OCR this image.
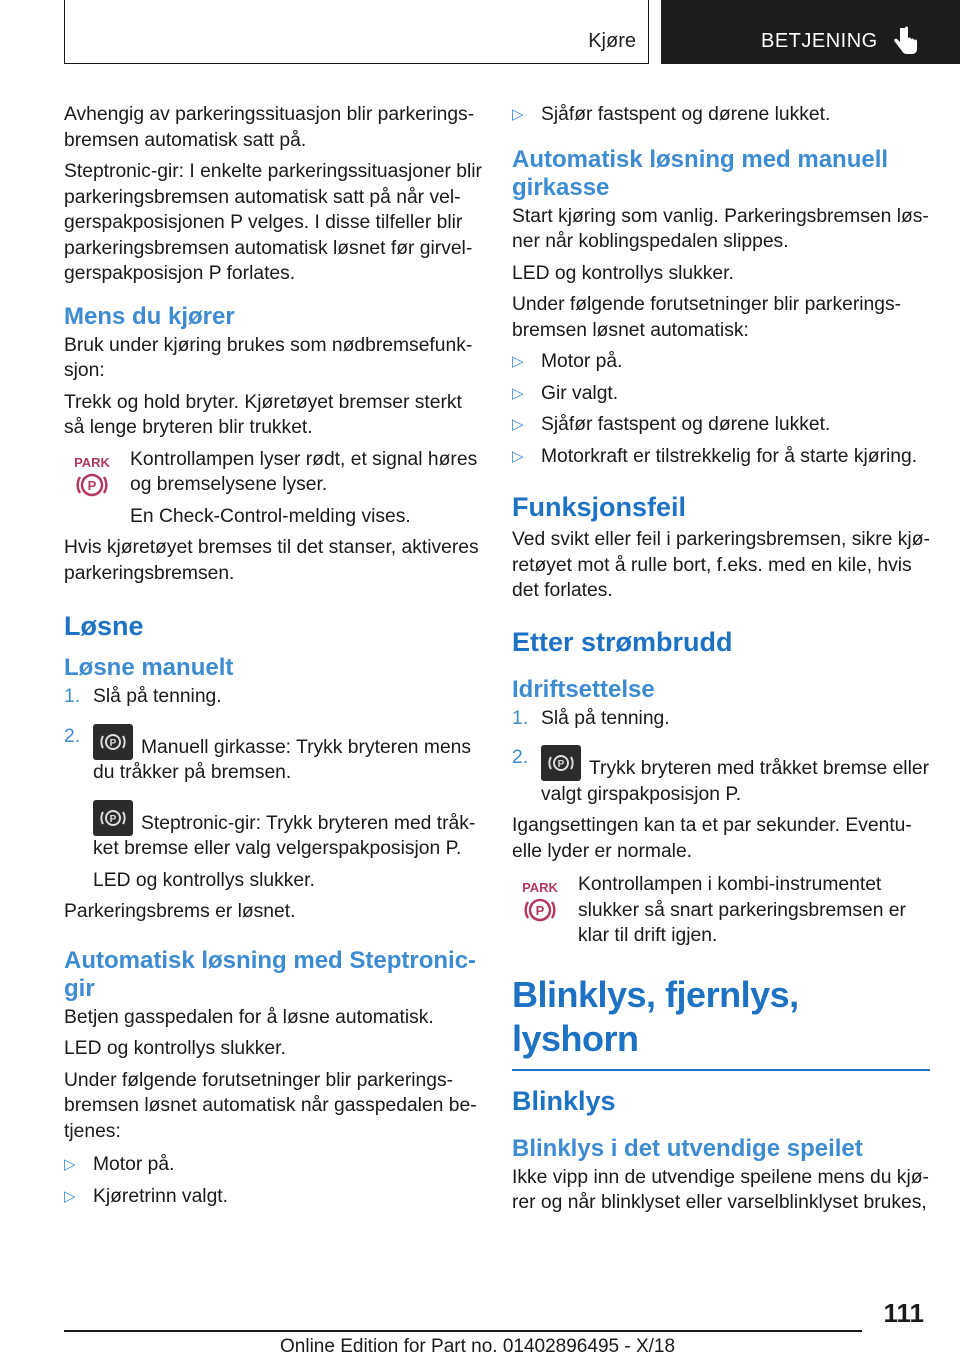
Kjøre	BETJENING

Avhengig av parkeringssituasjon blir parkeringsbremsen automatisk satt på.

Steptronic-gir: I enkelte parkeringssituasjoner blir parkeringsbremsen automatisk satt på når velgerspakposisjonen P velges. I disse tilfeller blir parkeringsbremsen automatisk løsnet før girvelgerspakposisjon P forlates.

Mens du kjører

Bruk under kjøring brukes som nødbremsefunksjon:

Trekk og hold bryter. Kjøretøyet bremser sterkt så lenge bryteren blir trukket.

PARK
P

Kontrollampen lyser rødt, et signal høres og bremselysene lyser.

En Check-Control-melding vises.

Hvis kjøretøyet bremses til det stanser, aktiveres parkeringsbremsen.

Løsne
Løsne manuelt
1. Slå på tenning.
2.	P Manuell girkasse: Trykk bryteren mens du tråkker på bremsen.
P Steptronic-gir: Trykk bryteren med tråkket bremse eller valg velgerspakposisjon P.

LED og kontrollys slukker.

Parkeringsbrems er løsnet.

Automatisk løsning med Steptronic-gir

Betjen gasspedalen for å løsne automatisk.

LED og kontrollys slukker.

Under følgende forutsetninger blir parkeringsbremsen løsnet automatisk når gasspedalen betjenes:

▷ Motor på.
▷ Kjøretrinn valgt.
▷ Sjåfør fastspent og dørene lukket.
Automatisk løsning med manuell girkasse

Start kjøring som vanlig. Parkeringsbremsen løsner når koblingspedalen slippes.

LED og kontrollys slukker.

Under følgende forutsetninger blir parkeringsbremsen løsnet automatisk:

▷ Motor på.
▷ Gir valgt.
▷ Sjåfør fastspent og dørene lukket.
▷ Motorkraft er tilstrekkelig for å starte kjøring.
Funksjonsfeil

Ved svikt eller feil i parkeringsbremsen, sikre kjøretøyet mot å rulle bort, f.eks. med en kile, hvis det forlates.

Etter strømbrudd
Idriftsettelse
1. Slå på tenning.
2.	P Trykk bryteren med tråkket bremse eller valgt girspakposisjon P.

Igangsettingen kan ta et par sekunder. Eventuelle lyder er normale.

PARK
P

Kontrollampen i kombi-instrumentet slukker så snart parkeringsbremsen er klar til drift igjen.

Blinklys, fjernlys, lyshorn
Blinklys
Blinklys i det utvendige speilet

Ikke vipp inn de utvendige speilene mens du kjører og når blinklyset eller varselblinklyset brukes,

111
Online Edition for Part no. 01402896495 - X/18
